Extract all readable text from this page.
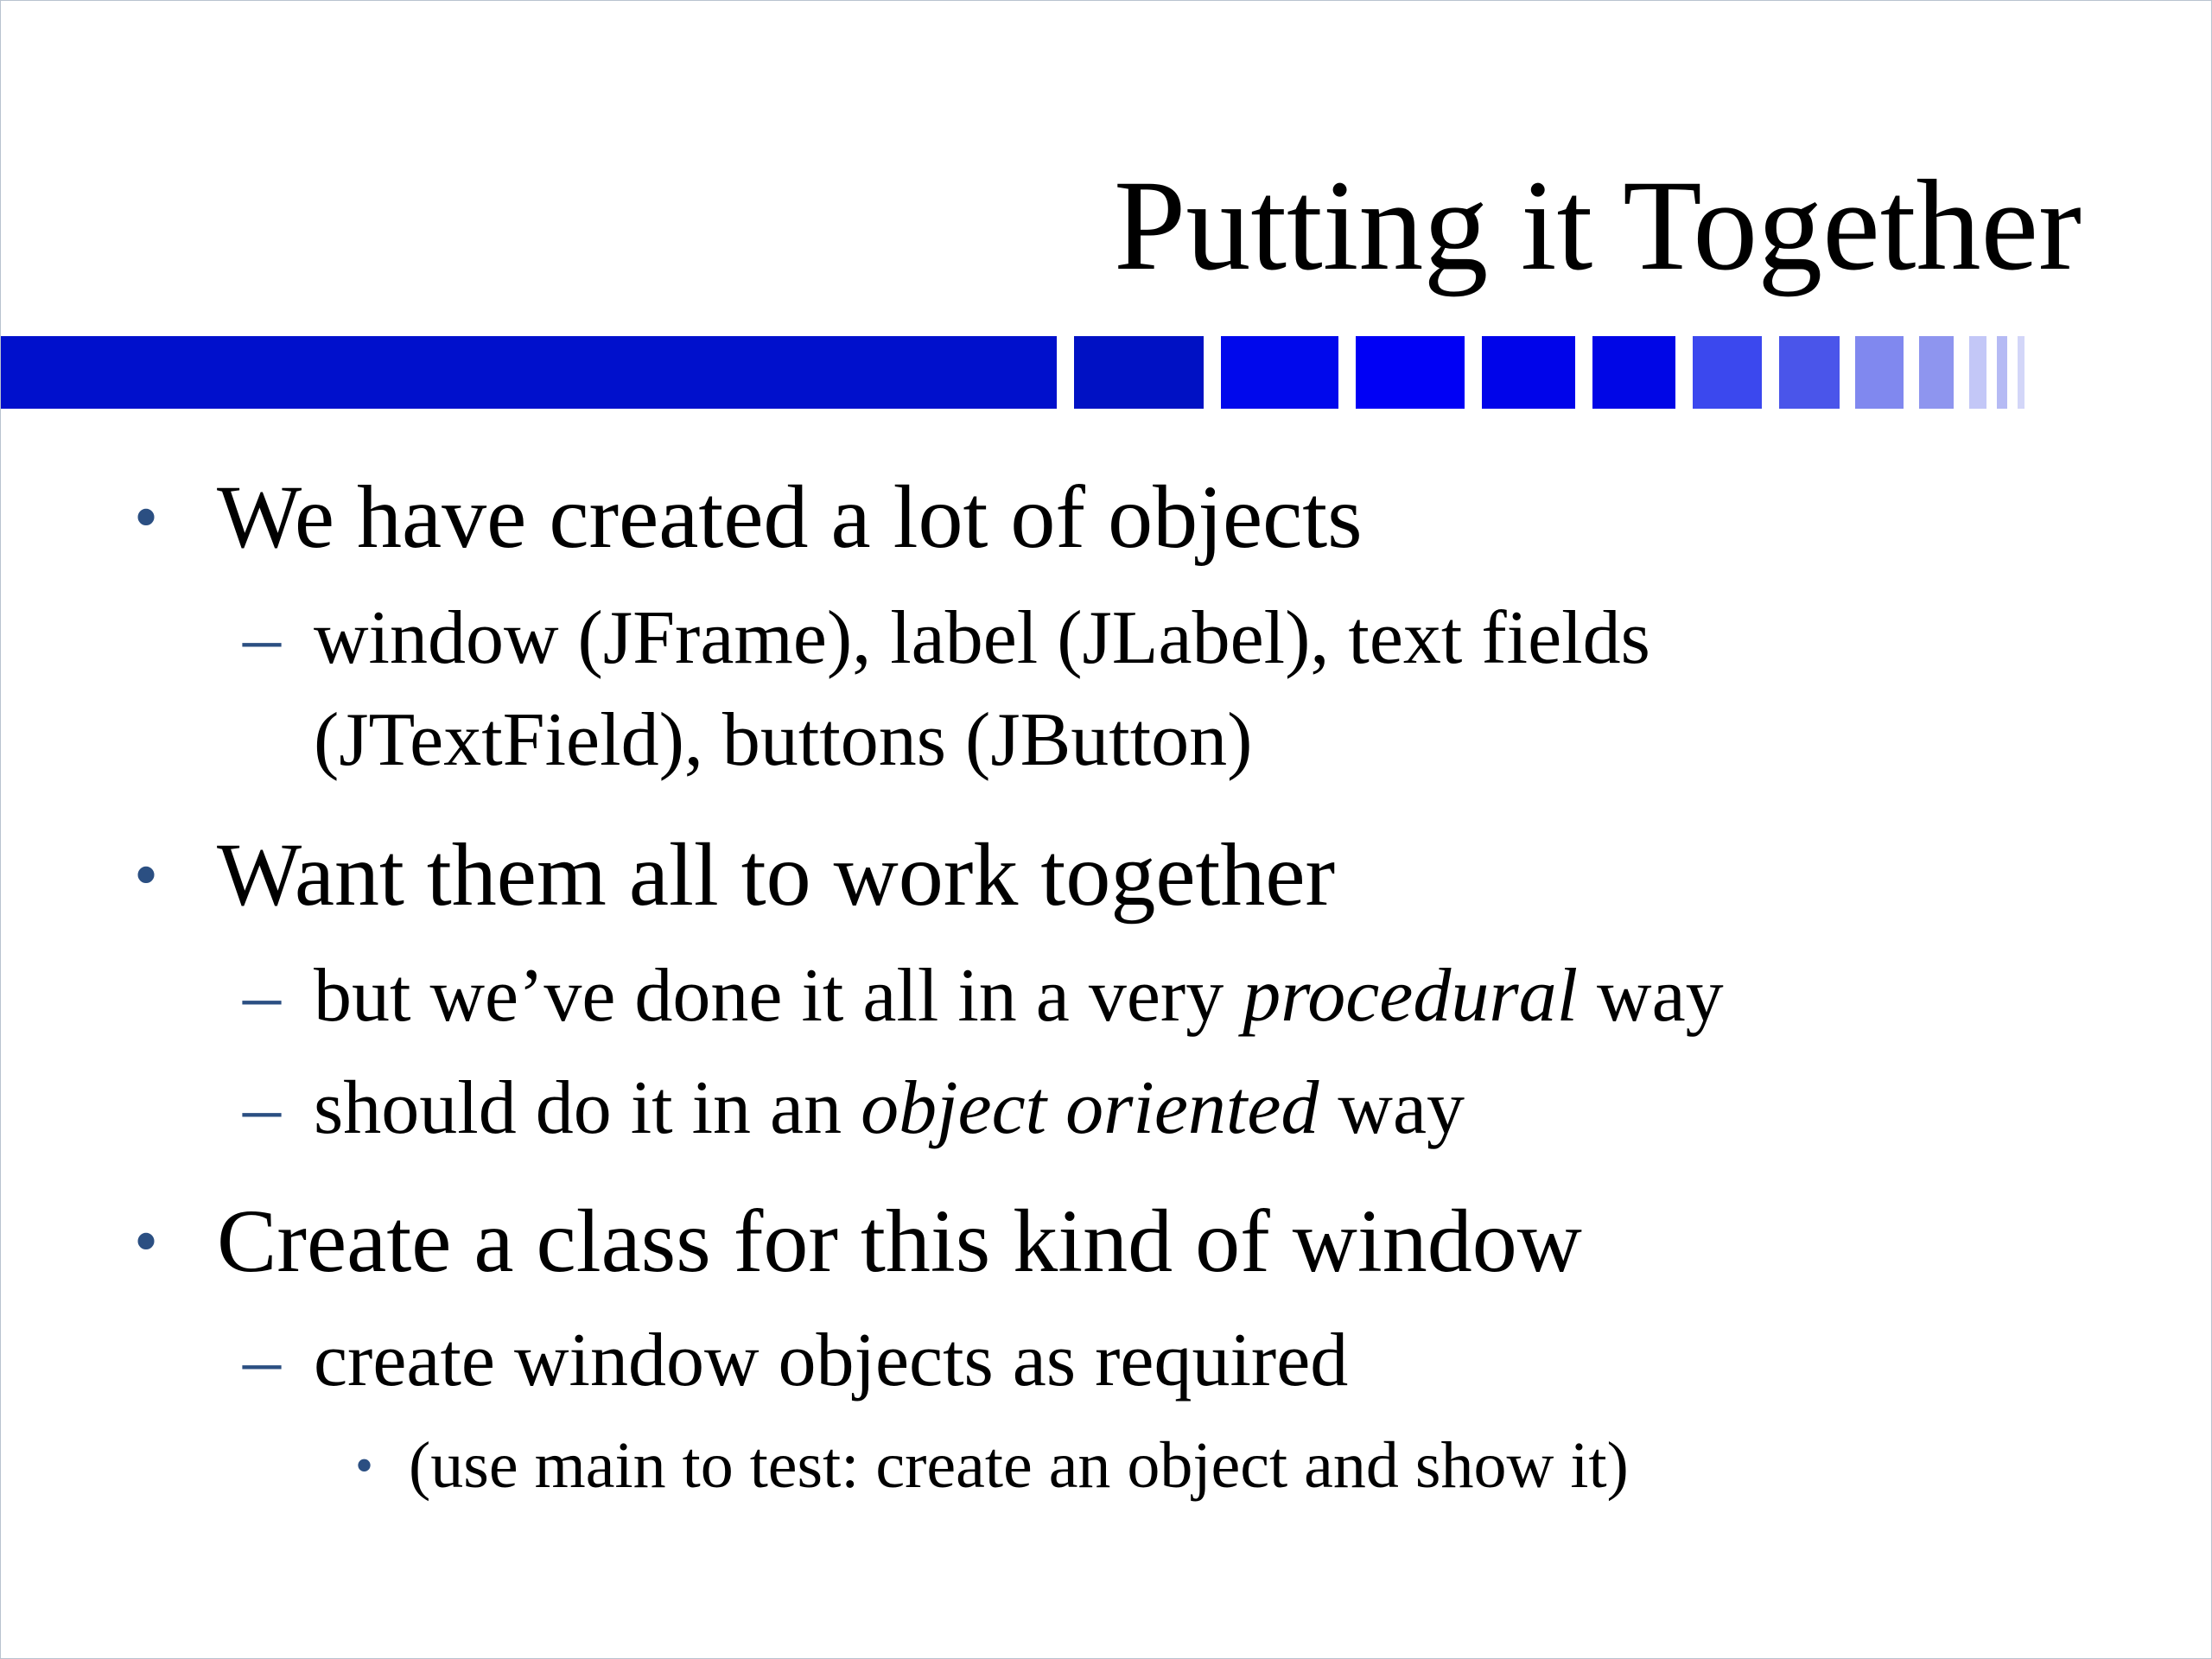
Putting it Together
• We have created a lot of objects
– window (JFrame), label (JLabel), text fields
(JTextField), buttons (JButton)
• Want them all to work together
– but we’ve done it all in a very procedural way
– should do it in an object oriented way
• Create a class for this kind of window
– create window objects as required
• (use main to test: create an object and show it)
